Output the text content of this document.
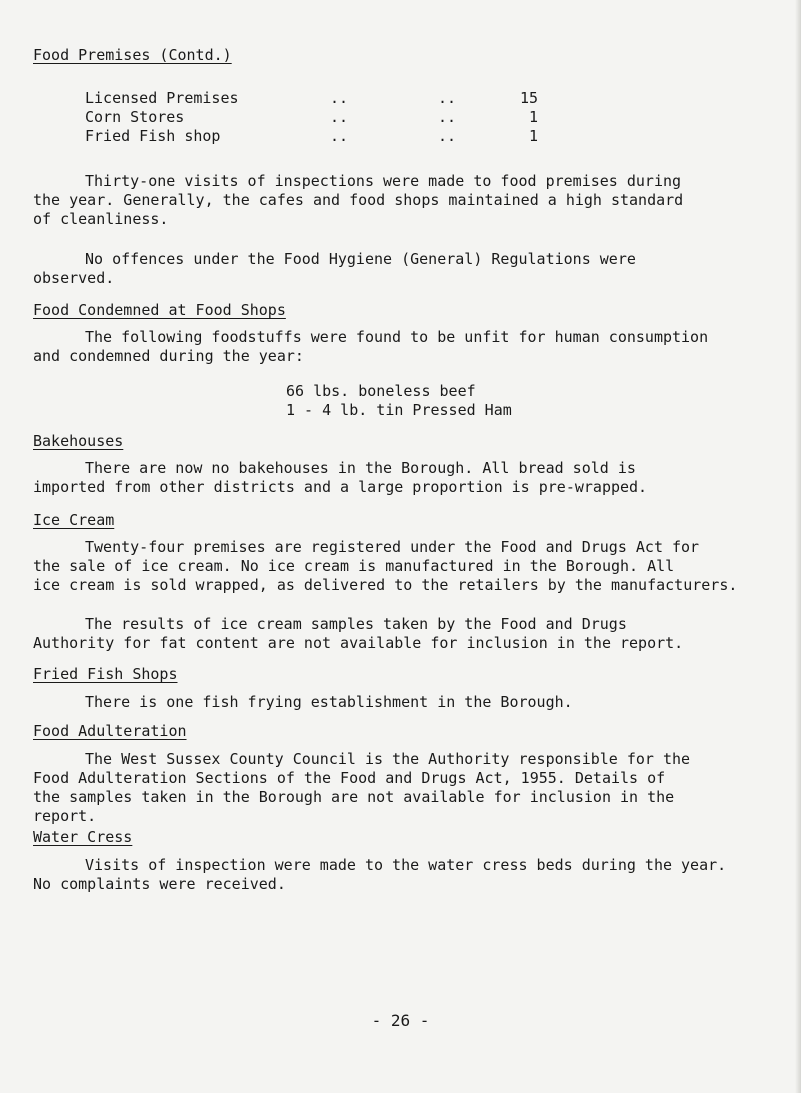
Food Premises (Contd.)
Licensed Premises	..	..	15
Corn Stores	..	..	1
Fried Fish shop	..	..	1
Thirty-one visits of inspections were made to food premises during
the year. Generally, the cafes and food shops maintained a high standard
of cleanliness.
No offences under the Food Hygiene (General) Regulations were
observed.
Food Condemned at Food Shops
The following foodstuffs were found to be unfit for human consumption
and condemned during the year:
66 lbs. boneless beef
1 - 4 lb. tin Pressed Ham
Bakehouses
There are now no bakehouses in the Borough. All bread sold is
imported from other districts and a large proportion is pre-wrapped.
Ice Cream
Twenty-four premises are registered under the Food and Drugs Act for
the sale of ice cream. No ice cream is manufactured in the Borough. All
ice cream is sold wrapped, as delivered to the retailers by the manufacturers.
The results of ice cream samples taken by the Food and Drugs
Authority for fat content are not available for inclusion in the report.
Fried Fish Shops
There is one fish frying establishment in the Borough.
Food Adulteration
The West Sussex County Council is the Authority responsible for the
Food Adulteration Sections of the Food and Drugs Act, 1955. Details of
the samples taken in the Borough are not available for inclusion in the
report.
Water Cress
Visits of inspection were made to the water cress beds during the year.
No complaints were received.
- 26 -
